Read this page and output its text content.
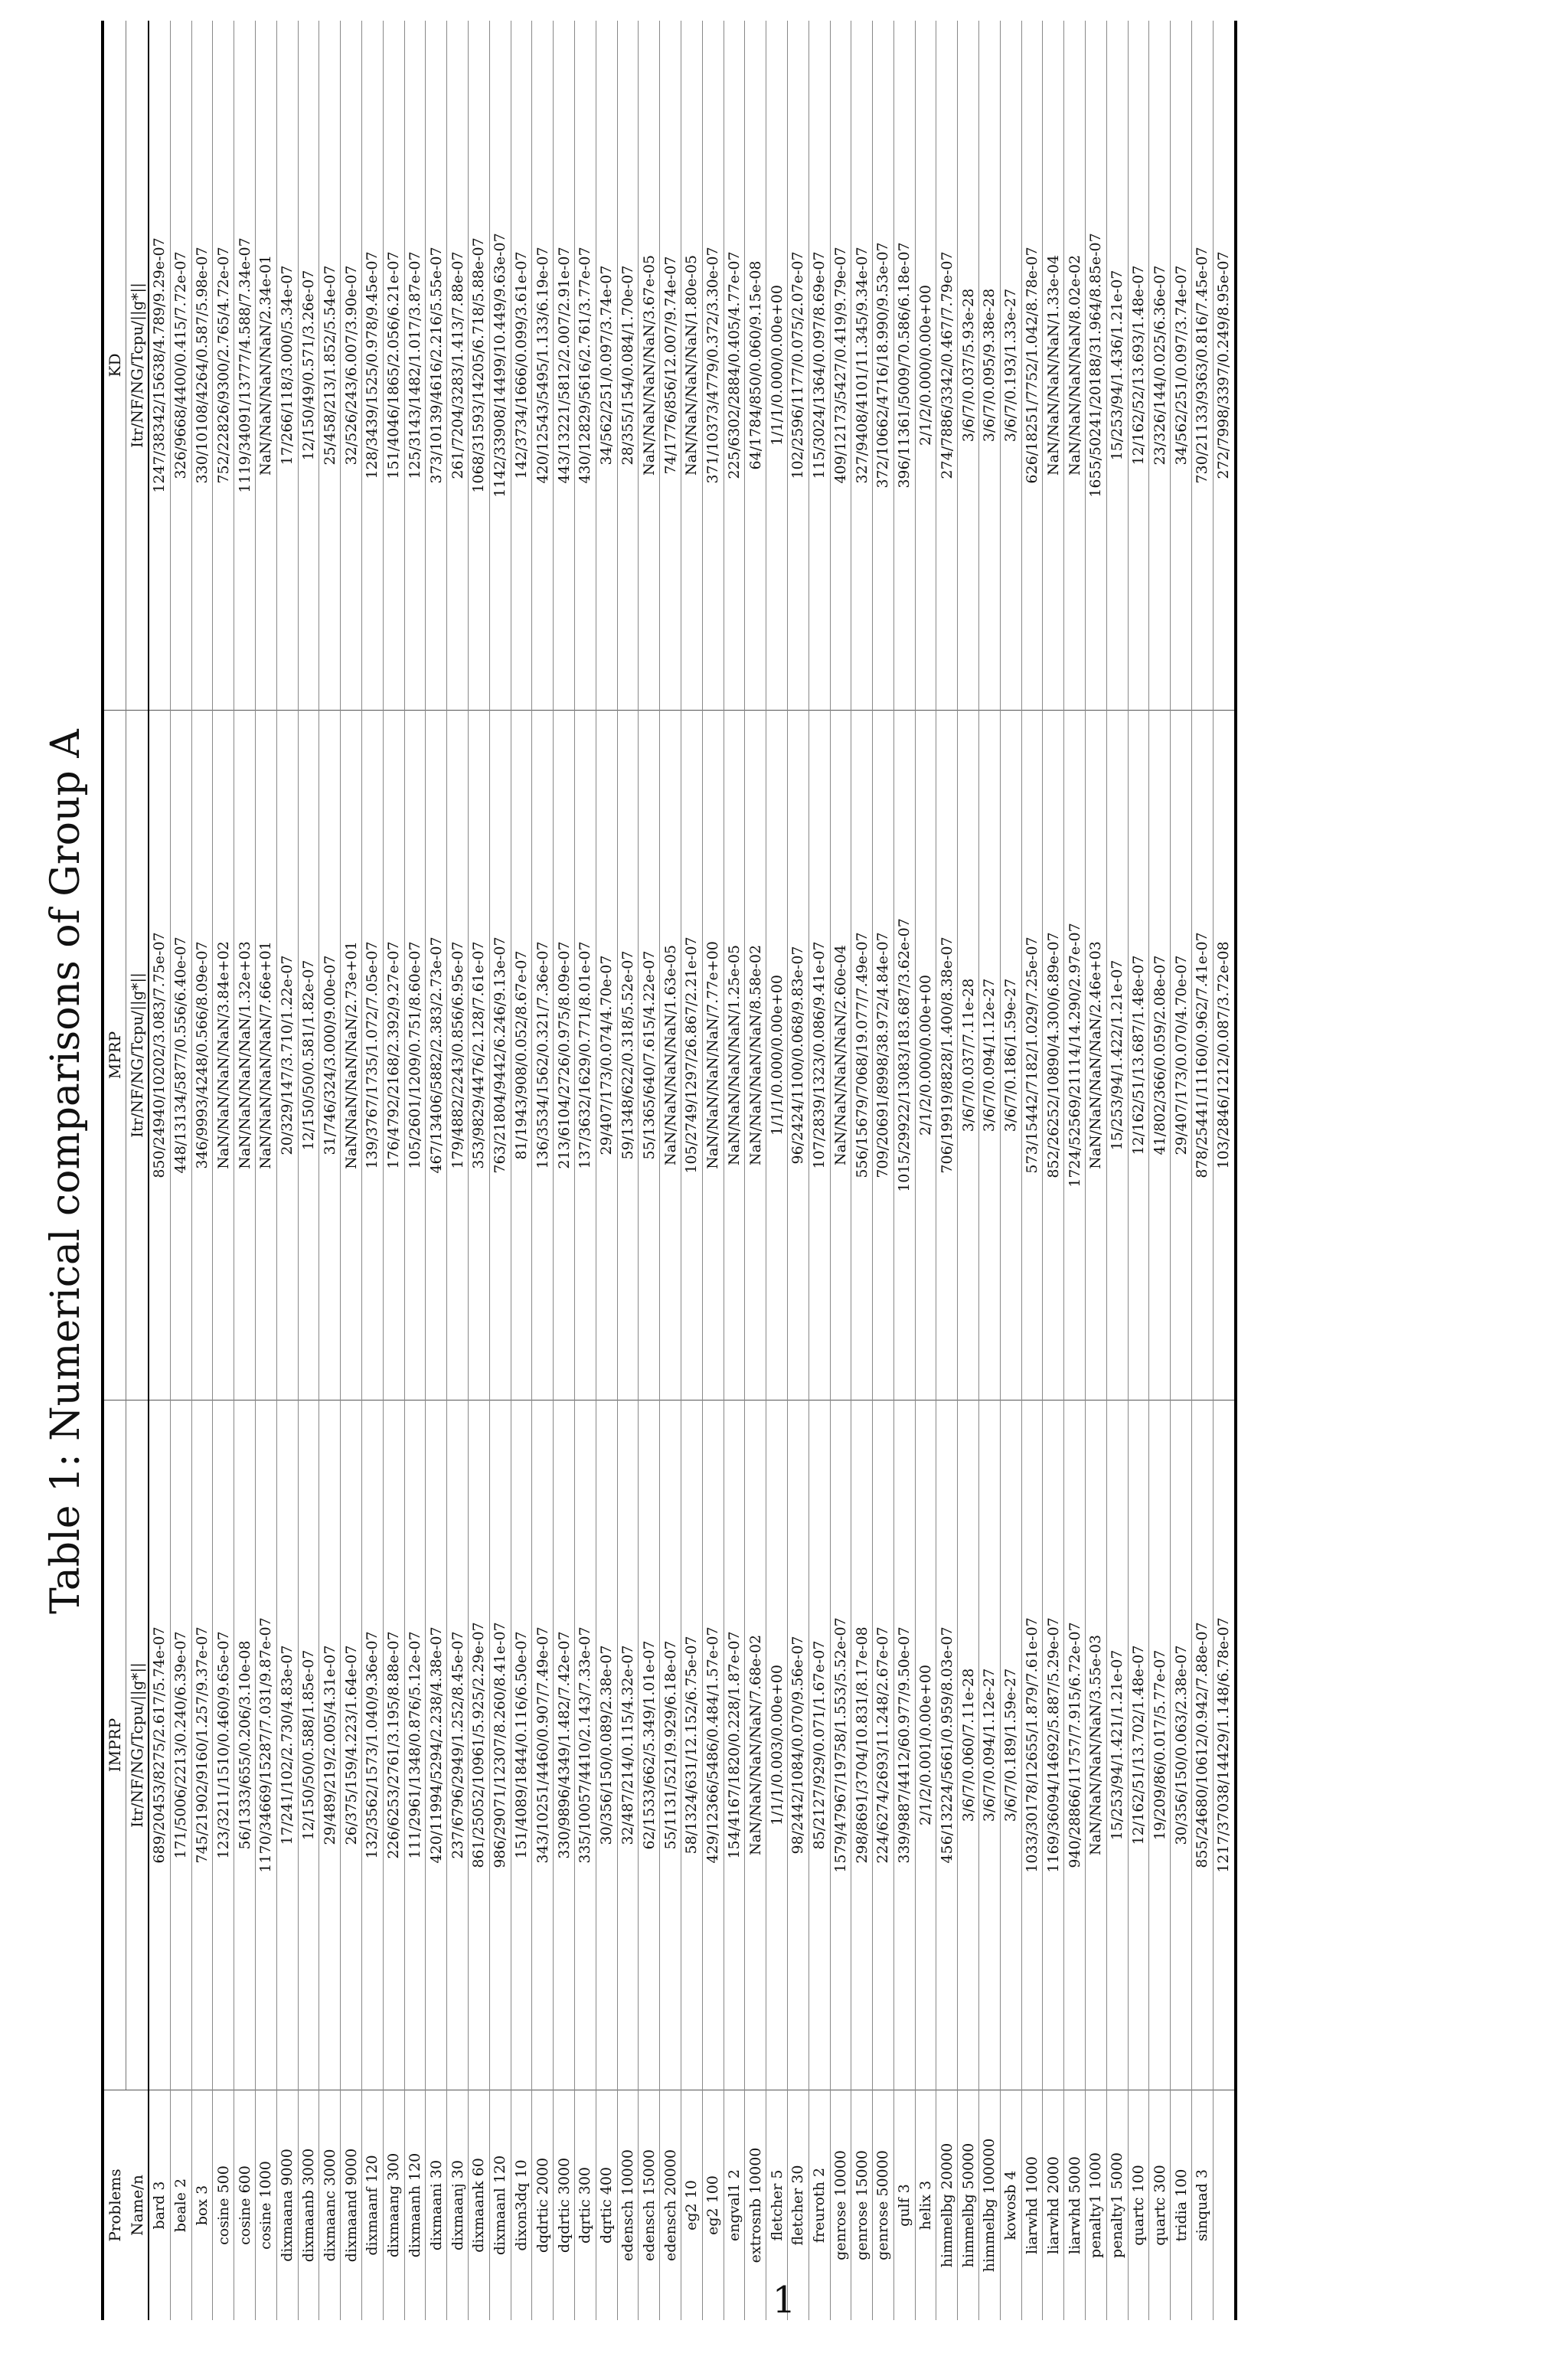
Table 1: Numerical comparisons of Group A
Problems	IMPRP	MPRP	KD
Name/n	Itr/NF/NG/Tcpu/||g*||	Itr/NF/NG/Tcpu/||g*||	Itr/NF/NG/Tcpu/||g*||
bard 3	689/20453/8275/2.617/5.74e-07	850/24940/10202/3.083/7.75e-07	1247/38342/15638/4.789/9.29e-07
beale 2	171/5006/2213/0.240/6.39e-07	448/13134/5877/0.556/6.40e-07	326/9668/4400/0.415/7.72e-07
box 3	745/21902/9160/1.257/9.37e-07	346/9993/4248/0.566/8.09e-07	330/10108/4264/0.587/5.98e-07
cosine 500	123/3211/1510/0.460/9.65e-07	NaN/NaN/NaN/NaN/3.84e+02	752/22826/9300/2.765/4.72e-07
cosine 600	56/1333/655/0.206/3.10e-08	NaN/NaN/NaN/NaN/1.32e+03	1119/34091/13777/4.588/7.34e-07
cosine 1000	1170/34669/15287/7.031/9.87e-07	NaN/NaN/NaN/NaN/7.66e+01	NaN/NaN/NaN/NaN/2.34e-01
dixmaana 9000	17/241/102/2.730/4.83e-07	20/329/147/3.710/1.22e-07	17/266/118/3.000/5.34e-07
dixmaanb 3000	12/150/50/0.588/1.85e-07	12/150/50/0.581/1.82e-07	12/150/49/0.571/3.26e-07
dixmaanc 3000	29/489/219/2.005/4.31e-07	31/746/324/3.000/9.00e-07	25/458/213/1.852/5.54e-07
dixmaand 9000	26/375/159/4.223/1.64e-07	NaN/NaN/NaN/NaN/2.73e+01	32/526/243/6.007/3.90e-07
dixmaanf 120	132/3562/1573/1.040/9.36e-07	139/3767/1735/1.072/7.05e-07	128/3439/1525/0.978/9.45e-07
dixmaang 300	226/6253/2761/3.195/8.88e-07	176/4792/2168/2.392/9.27e-07	151/4046/1865/2.056/6.21e-07
dixmaanh 120	111/2961/1348/0.876/5.12e-07	105/2601/1209/0.751/8.60e-07	125/3143/1482/1.017/3.87e-07
dixmaani 30	420/11994/5294/2.238/4.38e-07	467/13406/5882/2.383/2.73e-07	373/10139/4616/2.216/5.55e-07
dixmaanj 30	237/6796/2949/1.252/8.45e-07	179/4882/2243/0.856/6.95e-07	261/7204/3283/1.413/7.88e-07
dixmaank 60	861/25052/10961/5.925/2.29e-07	353/9829/4476/2.128/7.61e-07	1068/31593/14205/6.718/5.88e-07
dixmaanl 120	986/29071/12307/8.260/8.41e-07	763/21804/9442/6.246/9.13e-07	1142/33908/14499/10.449/9.63e-07
dixon3dq 10	151/4089/1844/0.116/6.50e-07	81/1943/908/0.052/8.67e-07	142/3734/1666/0.099/3.61e-07
dqdrtic 2000	343/10251/4460/0.907/7.49e-07	136/3534/1562/0.321/7.36e-07	420/12543/5495/1.133/6.19e-07
dqdrtic 3000	330/9896/4349/1.482/7.42e-07	213/6104/2726/0.975/8.09e-07	443/13221/5812/2.007/2.91e-07
dqrtic 300	335/10057/4410/2.143/7.33e-07	137/3632/1629/0.771/8.01e-07	430/12829/5616/2.761/3.77e-07
dqrtic 400	30/356/150/0.089/2.38e-07	29/407/173/0.074/4.70e-07	34/562/251/0.097/3.74e-07
edensch 10000	32/487/214/0.115/4.32e-07	59/1348/622/0.318/5.52e-07	28/355/154/0.084/1.70e-07
edensch 15000	62/1533/662/5.349/1.01e-07	55/1365/640/7.615/4.22e-07	NaN/NaN/NaN/NaN/3.67e-05
edensch 20000	55/1131/521/9.929/6.18e-07	NaN/NaN/NaN/NaN/1.63e-05	74/1776/856/12.007/9.74e-07
eg2 10	58/1324/631/12.152/6.75e-07	105/2749/1297/26.867/2.21e-07	NaN/NaN/NaN/NaN/1.80e-05
eg2 100	429/12366/5486/0.484/1.57e-07	NaN/NaN/NaN/NaN/7.77e+00	371/10373/4779/0.372/3.30e-07
engval1 2	154/4167/1820/0.228/1.87e-07	NaN/NaN/NaN/NaN/1.25e-05	225/6302/2884/0.405/4.77e-07
extrosnb 10000	NaN/NaN/NaN/NaN/7.68e-02	NaN/NaN/NaN/NaN/8.58e-02	64/1784/850/0.060/9.15e-08
fletcher 5	1/1/1/0.003/0.00e+00	1/1/1/0.000/0.00e+00	1/1/1/0.000/0.00e+00
fletcher 30	98/2442/1084/0.070/9.56e-07	96/2424/1100/0.068/9.83e-07	102/2596/1177/0.075/2.07e-07
freuroth 2	85/2127/929/0.071/1.67e-07	107/2839/1323/0.086/9.41e-07	115/3024/1364/0.097/8.69e-07
genrose 10000	1579/47967/19758/1.553/5.52e-07	NaN/NaN/NaN/NaN/2.60e-04	409/12173/5427/0.419/9.79e-07
genrose 15000	298/8691/3704/10.831/8.17e-08	556/15679/7068/19.077/7.49e-07	327/9408/4101/11.345/9.34e-07
genrose 50000	224/6274/2693/11.248/2.67e-07	709/20691/8998/38.972/4.84e-07	372/10662/4716/18.990/9.53e-07
gulf 3	339/9887/4412/60.977/9.50e-07	1015/29922/13083/183.687/3.62e-07	396/11361/5009/70.586/6.18e-07
helix 3	2/1/2/0.001/0.00e+00	2/1/2/0.000/0.00e+00	2/1/2/0.000/0.00e+00
himmelbg 20000	456/13224/5661/0.959/8.03e-07	706/19919/8828/1.400/8.38e-07	274/7886/3342/0.467/7.79e-07
himmelbg 50000	3/6/7/0.060/7.11e-28	3/6/7/0.037/7.11e-28	3/6/7/0.037/5.93e-28
himmelbg 100000	3/6/7/0.094/1.12e-27	3/6/7/0.094/1.12e-27	3/6/7/0.095/9.38e-28
kowosb 4	3/6/7/0.189/1.59e-27	3/6/7/0.186/1.59e-27	3/6/7/0.193/1.33e-27
liarwhd 1000	1033/30178/12655/1.879/7.61e-07	573/15442/7182/1.029/7.25e-07	626/18251/7752/1.042/8.78e-07
liarwhd 2000	1169/36094/14692/5.887/5.29e-07	852/26252/10890/4.300/6.89e-07	NaN/NaN/NaN/NaN/1.33e-04
liarwhd 5000	940/28866/11757/7.915/6.72e-07	1724/52569/21114/14.290/2.97e-07	NaN/NaN/NaN/NaN/8.02e-02
penalty1 1000	NaN/NaN/NaN/NaN/3.55e-03	NaN/NaN/NaN/NaN/2.46e+03	1655/50241/20188/31.964/8.85e-07
penalty1 5000	15/253/94/1.421/1.21e-07	15/253/94/1.422/1.21e-07	15/253/94/1.436/1.21e-07
quartc 100	12/162/51/13.702/1.48e-07	12/162/51/13.687/1.48e-07	12/162/52/13.693/1.48e-07
quartc 300	19/209/86/0.017/5.77e-07	41/802/366/0.059/2.08e-07	23/326/144/0.025/6.36e-07
tridia 100	30/356/150/0.063/2.38e-07	29/407/173/0.070/4.70e-07	34/562/251/0.097/3.74e-07
sinquad 3	855/24680/10612/0.942/7.88e-07	878/25441/11160/0.962/7.41e-07	730/21133/9363/0.816/7.45e-07
	1217/37038/14429/1.148/6.78e-07	103/2846/1212/0.087/3.72e-08	272/7998/3397/0.249/8.95e-07
1
